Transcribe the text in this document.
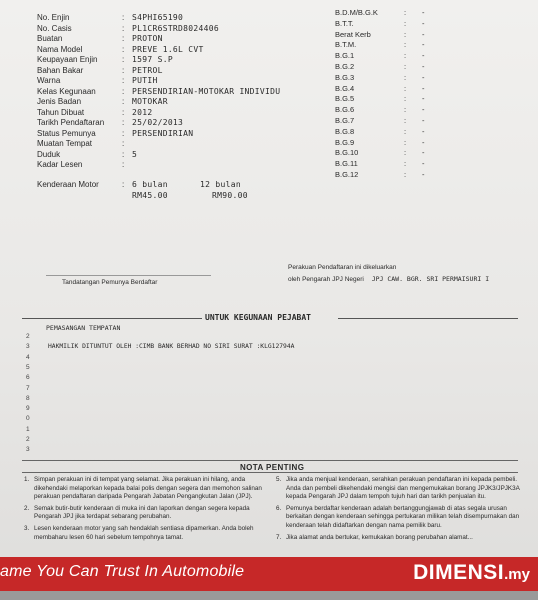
No. Enjin	: S4PHI65190
No. Casis	: PL1CR6STRD8024406
Buatan	: PROTON
Nama Model	: PREVE 1.6L CVT
Keupayaan Enjin	: 1597 S.P
Bahan Bakar	: PETROL
Warna	: PUTIH
Kelas Kegunaan	: PERSENDIRIAN-MOTOKAR INDIVIDU
Jenis Badan	: MOTOKAR
Tahun Dibuat	: 2012
Tarikh Pendaftaran	: 25/02/2013
Status Pemunya	: PERSENDIRIAN
Muatan Tempat	:
Duduk	: 5
Kadar Lesen	:
Kenderaan Motor	: 6 bulan	12 bulan
RM45.00	RM90.00
B.D.M/B.G.K	: -
B.T.T.	: -
Berat Kerb	: -
B.T.M.	: -
B.G.1	: -
B.G.2	: -
B.G.3	: -
B.G.4	: -
B.G.5	: -
B.G.6	: -
B.G.7	: -
B.G.8	: -
B.G.9	: -
B.G.10	: -
B.G.11	: -
B.G.12	: -
Tandatangan Pemunya Berdaftar
Perakuan Pendaftaran ini dikeluarkan
oleh Pengarah JPJ Negeri JPJ CAW. BGR. SRI PERMAISURI I
UNTUK KEGUNAAN PEJABAT
PEMASANGAN TEMPATAN
HAKMILIK DITUNTUT OLEH :CIMB BANK BERHAD NO SIRI SURAT :KLG12794A
2
3
4
5
6
7
8
9
0
1
2
3
NOTA PENTING
1. Simpan perakuan ini di tempat yang selamat. Jika perakuan ini hilang, anda dikehendaki melaporkan kepada balai polis dengan segera dan memohon salinan perakuan pendaftaran daripada Pengarah Jabatan Pengangkutan Jalan (JPJ).
2. Semak butir-butir kenderaan di muka ini dan laporkan dengan segera kepada Pengarah JPJ jika terdapat sebarang perubahan.
3. Lesen kenderaan motor yang sah hendaklah sentiasa dipamerkan. Anda boleh membaharu lesen 60 hari sebelum tempohnya tamat.
5. Jika anda menjual kenderaan, serahkan perakuan pendaftaran ini kepada pembeli. Anda dan pembeli dikehendaki mengisi dan mengemukakan borang JPJK3/JPJK3A kepada Pengarah JPJ dalam tempoh tujuh hari dan tarikh penjualan itu.
6. Pemunya berdaftar kenderaan adalah bertanggungjawab di atas segala urusan berkaitan dengan kenderaan sehingga pertukaran milikan telah disempurnakan dan kenderaan telah didaftarkan dengan nama pemilik baru.
7. Jika alamat anda bertukar, kemukakan borang perubahan alamat...
ame You Can Trust In Automobile	DIMENSI.my
